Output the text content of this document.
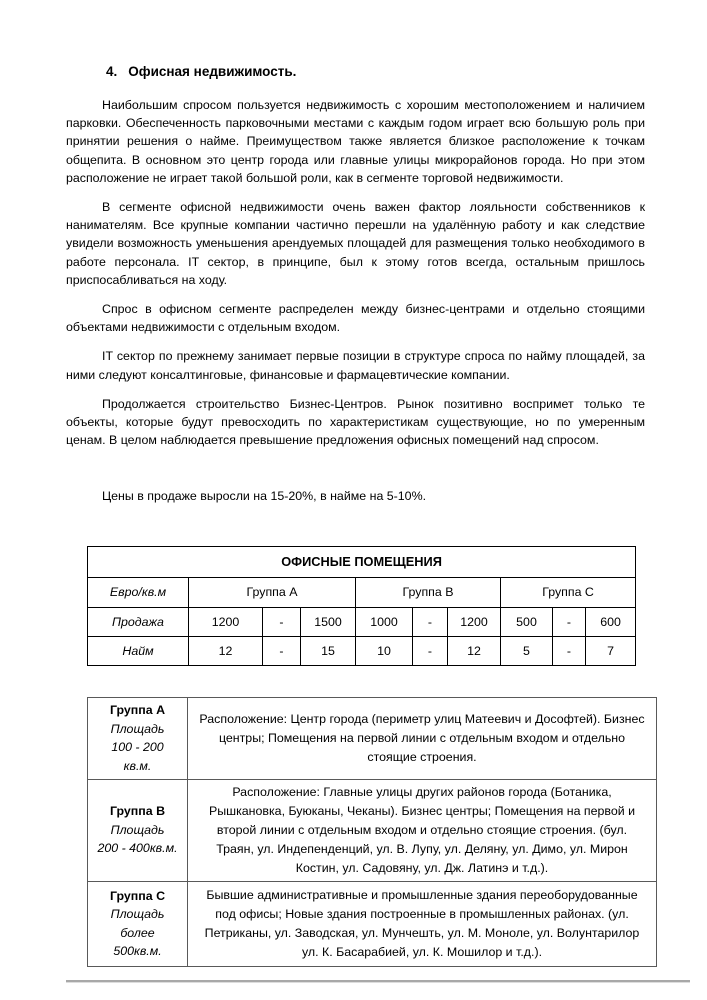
4. Офисная недвижимость.

Наибольшим спросом пользуется недвижимость с хорошим местоположением и наличием парковки. Обеспеченность парковочными местами с каждым годом играет всю большую роль при принятии решения о найме. Преимуществом также является близкое расположение к точкам общепита. В основном это центр города или главные улицы микрорайонов города. Но при этом расположение не играет такой большой роли, как в сегменте торговой недвижимости.

В сегменте офисной недвижимости очень важен фактор лояльности собственников к нанимателям. Все крупные компании частично перешли на удалённую работу и как следствие увидели возможность уменьшения арендуемых площадей для размещения только необходимого в работе персонала. IT сектор, в принципе, был к этому готов всегда, остальным пришлось приспосабливаться на ходу.

Спрос в офисном сегменте распределен между бизнес-центрами и отдельно стоящими объектами недвижимости с отдельным входом.

IT сектор по прежнему занимает первые позиции в структуре спроса по найму площадей, за ними следуют консалтинговые, финансовые и фармацевтические компании.

Продолжается строительство Бизнес-Центров. Рынок позитивно воспримет только те объекты, которые будут превосходить по характеристикам существующие, но по умеренным ценам. В целом наблюдается превышение предложения офисных помещений над спросом.

Цены в продаже выросли на 15-20%, в найме на 5-10%.

ОФИСНЫЕ ПОМЕЩЕНИЯ									
Евро/кв.м	Группа A			Группа B			Группа C		
Продажа	1200	-	1500	1000	-	1200	500	-	600
Найм	12	-	15	10	-	12	5	-	7
Группа A
Площадь
100 - 200
кв.м.	Расположение: Центр города (периметр улиц Матеевич и Дософтей). Бизнес центры; Помещения на первой линии с отдельным входом и отдельно стоящие строения.

Группа B
Площадь
200 - 400кв.м.
	Расположение: Главные улицы других районов города (Ботаника, Рышкановка, Буюканы, Чеканы). Бизнес центры; Помещения на первой и второй линии с отдельным входом и отдельно стоящие строения. (бул. Траян, ул. Индепенденций, ул. В. Лупу, ул. Деляну, ул. Димо, ул. Мирон Костин, ул. Садовяну, ул. Дж. Латинэ и т.д.).

Группа C
Площадь
более
500кв.м.
	Бывшие административные и промышленные здания переоборудованные под офисы; Новые здания построенные в промышленных районах. (ул. Петриканы, ул. Заводская, ул. Мунчешть, ул. М. Моноле, ул. Волунтарилор ул. К. Басарабией, ул. К. Мошилор и т.д.).
